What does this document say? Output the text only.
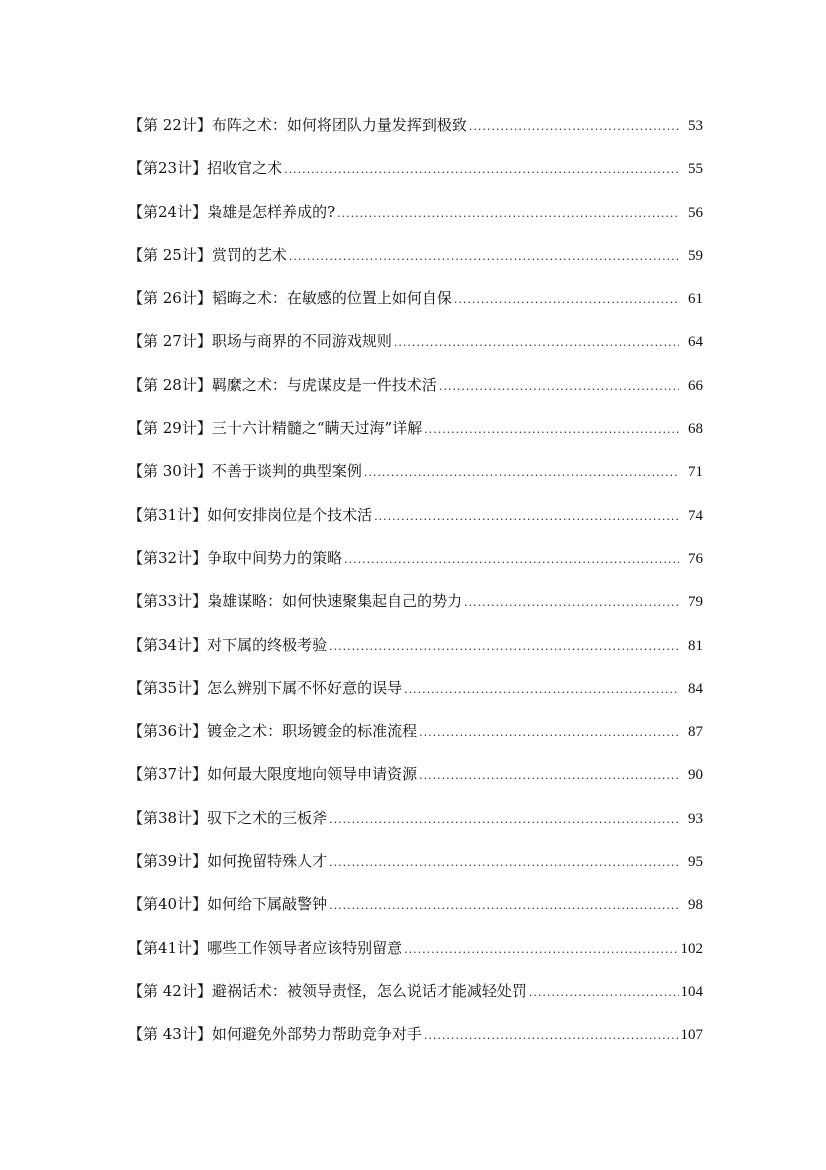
【第 22计】布阵之术：如何将团队力量发挥到极致 .....	53
【第23计】招收官之术 .....	55
【第24计】枭雄是怎样养成的? .....	56
【第 25计】赏罚的艺术 .....	59
【第 26计】韬晦之术：在敏感的位置上如何自保 .....	61
【第 27计】职场与商界的不同游戏规则 .....	64
【第 28计】羁縻之术：与虎谋皮是一件技术活 .....	66
【第 29计】三十六计精髓之“瞒天过海”详解 .....	68
【第 30计】不善于谈判的典型案例 .....	71
【第31计】如何安排岗位是个技术活 .....	74
【第32计】争取中间势力的策略 .....	76
【第33计】枭雄谋略：如何快速聚集起自己的势力 .....	79
【第34计】对下属的终极考验 .....	81
【第35计】怎么辨别下属不怀好意的误导 .....	84
【第36计】镀金之术：职场镀金的标准流程 .....	87
【第37计】如何最大限度地向领导申请资源 .....	90
【第38计】驭下之术的三板斧 .....	93
【第39计】如何挽留特殊人才 .....	95
【第40计】如何给下属敲警钟 .....	98
【第41计】哪些工作领导者应该特别留意 .....	102
【第 42计】避祸话术：被领导责怪，怎么说话才能减轻处罚 .....	104
【第 43计】如何避免外部势力帮助竞争对手 .....	107
